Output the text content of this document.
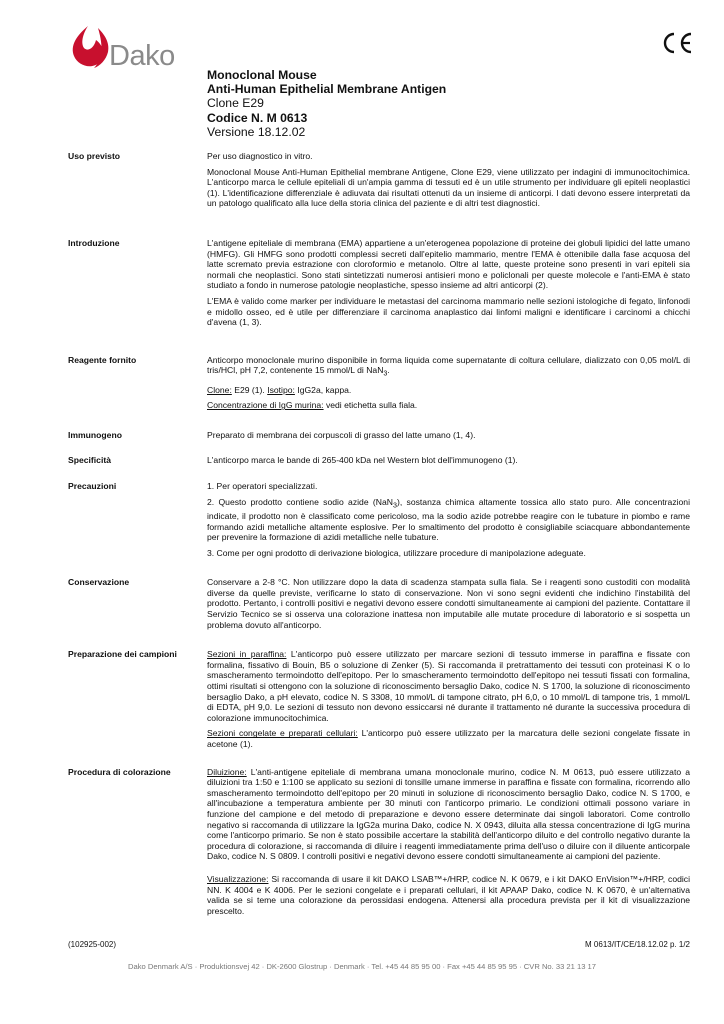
Dako
Monoclonal Mouse
Anti-Human Epithelial Membrane Antigen
Clone E29
Codice N. M 0613
Versione 18.12.02
Uso previsto	Per uso diagnostico in vitro.

Monoclonal Mouse Anti-Human Epithelial membrane Antigene, Clone E29, viene utilizzato per indagini di immunocitochimica. L'anticorpo marca le cellule epiteliali di un'ampia gamma di tessuti ed è un utile strumento per individuare gli epiteli neoplastici (1). L'identificazione differenziale è adiuvata dai risultati ottenuti da un insieme di anticorpi. I dati devono essere interpretati da un patologo qualificato alla luce della storia clinica del paziente e di altri test diagnostici.

Introduzione	L'antigene epiteliale di membrana (EMA) appartiene a un'eterogenea popolazione di proteine dei globuli lipidici del latte umano (HMFG). Gli HMFG sono prodotti complessi secreti dall'epitelio mammario, mentre l'EMA è ottenibile dalla fase acquosa del latte scremato previa estrazione con cloroformio e metanolo. Oltre al latte, queste proteine sono presenti in vari epiteli sia normali che neoplastici. Sono stati sintetizzati numerosi antisieri mono e policlonali per queste molecole e l'anti-EMA è stato studiato a fondo in numerose patologie neoplastiche, spesso insieme ad altri anticorpi (2).

L'EMA è valido come marker per individuare le metastasi del carcinoma mammario nelle sezioni istologiche di fegato, linfonodi e midollo osseo, ed è utile per differenziare il carcinoma anaplastico dai linfomi maligni e identificare i carcinomi a chicchi d'avena (1, 3).

Reagente fornito	Anticorpo monoclonale murino disponibile in forma liquida come supernatante di coltura cellulare, dializzato con 0,05 mol/L di tris/HCl, pH 7,2, contenente 15 mmol/L di NaN$_3$.

Clone: E29 (1). Isotipo: IgG2a, kappa.

Concentrazione di IgG murina: vedi etichetta sulla fiala.

Immunogeno	Preparato di membrana dei corpuscoli di grasso del latte umano (1, 4).

Specificità	L'anticorpo marca le bande di 265-400 kDa nel Western blot dell'immunogeno (1).

Precauzioni	1. Per operatori specializzati.

2. Questo prodotto contiene sodio azide (NaN$_3$), sostanza chimica altamente tossica allo stato puro. Alle concentrazioni indicate, il prodotto non è classificato come pericoloso, ma la sodio azide potrebbe reagire con le tubature in piombo e rame formando azidi metalliche altamente esplosive. Per lo smaltimento del prodotto è consigliabile sciacquare abbondantemente per prevenire la formazione di azidi metalliche nelle tubature.

3. Come per ogni prodotto di derivazione biologica, utilizzare procedure di manipolazione adeguate.

Conservazione	Conservare a 2-8 °C. Non utilizzare dopo la data di scadenza stampata sulla fiala. Se i reagenti sono custoditi con modalità diverse da quelle previste, verificarne lo stato di conservazione. Non vi sono segni evidenti che indichino l'instabilità del prodotto. Pertanto, i controlli positivi e negativi devono essere condotti simultaneamente ai campioni del paziente. Contattare il Servizio Tecnico se si osserva una colorazione inattesa non imputabile alle mutate procedure di laboratorio e si sospetta un problema dovuto all'anticorpo.

Preparazione dei campioni	Sezioni in paraffina: L'anticorpo può essere utilizzato per marcare sezioni di tessuto immerse in paraffina e fissate con formalina, fissativo di Bouin, B5 o soluzione di Zenker (5). Si raccomanda il pretrattamento dei tessuti con proteinasi K o lo smascheramento termoindotto dell'epitopo. Per lo smascheramento termoindotto dell'epitopo nei tessuti fissati con formalina, ottimi risultati si ottengono con la soluzione di riconoscimento bersaglio Dako, codice N. S 1700, la soluzione di riconoscimento bersaglio Dako, a pH elevato, codice N. S 3308, 10 mmol/L di tampone citrato, pH 6,0, o 10 mmol/L di tampone tris, 1 mmol/L di EDTA, pH 9,0. Le sezioni di tessuto non devono essiccarsi né durante il trattamento né durante la successiva procedura di colorazione immunocitochimica.

Sezioni congelate e preparati cellulari: L'anticorpo può essere utilizzato per la marcatura delle sezioni congelate fissate in acetone (1).

Procedura di colorazione	Diluizione: L'anti-antigene epiteliale di membrana umana monoclonale murino, codice N. M 0613, può essere utilizzato a diluizioni tra 1:50 e 1:100 se applicato su sezioni di tonsille umane immerse in paraffina e fissate con formalina, ricorrendo allo smascheramento termoindotto dell'epitopo per 20 minuti in soluzione di riconoscimento bersaglio Dako, codice N. S 1700, e all'incubazione a temperatura ambiente per 30 minuti con l'anticorpo primario. Le condizioni ottimali possono variare in funzione del campione e del metodo di preparazione e devono essere determinate dai singoli laboratori. Come controllo negativo si raccomanda di utilizzare la IgG2a murina Dako, codice N. X 0943, diluita alla stessa concentrazione di IgG murina come l'anticorpo primario. Se non è stato possibile accertare la stabilità dell'anticorpo diluito e del controllo negativo durante la procedura di colorazione, si raccomanda di diluire i reagenti immediatamente prima dell'uso o diluire con il diluente anticorpale Dako, codice N. S 0809. I controlli positivi e negativi devono essere condotti simultaneamente ai campioni del paziente.

Visualizzazione: Si raccomanda di usare il kit DAKO LSAB™+/HRP, codice N. K 0679, e i kit DAKO EnVision™+/HRP, codici NN. K 4004 e K 4006. Per le sezioni congelate e i preparati cellulari, il kit APAAP Dako, codice N. K 0670, è un'alternativa valida se si teme una colorazione da perossidasi endogena. Attenersi alla procedura prevista per il kit di visualizzazione prescelto.

(102925-002)	M 0613/IT/CE/18.12.02 p. 1/2
Dako Denmark A/S · Produktionsvej 42 · DK-2600 Glostrup · Denmark · Tel. +45 44 85 95 00 · Fax +45 44 85 95 95 · CVR No. 33 21 13 17
